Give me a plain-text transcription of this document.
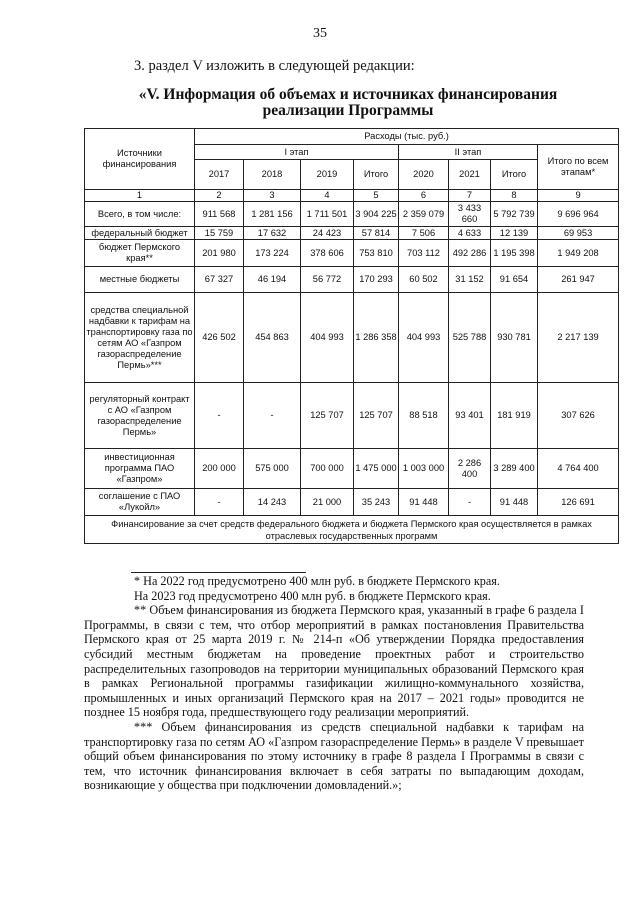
35
3. раздел V изложить в следующей редакции:
«V. Информация об объемах и источниках финансирования
реализации Программы
Источники финансирования	Расходы (тыс. руб.)							
	I этап				II этап			Итого по всем этапам*
	2017	2018	2019	Итого	2020	2021	Итого	
1	2	3	4	5	6	7	8	9
Всего, в том числе:	911 568	1 281 156	1 711 501	3 904 225	2 359 079	3 433 660	5 792 739	9 696 964
федеральный бюджет	15 759	17 632	24 423	57 814	7 506	4 633	12 139	69 953
бюджет Пермского края**	201 980	173 224	378 606	753 810	703 112	492 286	1 195 398	1 949 208
местные бюджеты	67 327	46 194	56 772	170 293	60 502	31 152	91 654	261 947
средства специальной надбавки к тарифам на транспортировку газа по сетям АО «Газпром газораспределение Пермь»***	426 502	454 863	404 993	1 286 358	404 993	525 788	930 781	2 217 139
регуляторный контракт с АО «Газпром газораспределение Пермь»	-	-	125 707	125 707	88 518	93 401	181 919	307 626
инвестиционная программа ПАО «Газпром»	200 000	575 000	700 000	1 475 000	1 003 000	2 286 400	3 289 400	4 764 400
соглашение с ПАО «Лукойл»	-	14 243	21 000	35 243	91 448	-	91 448	126 691
Финансирование за счет средств федерального бюджета и бюджета Пермского края осуществляется в рамках отраслевых государственных программ								

* На 2022 год предусмотрено 400 млн руб. в бюджете Пермского края.

На 2023 год предусмотрено 400 млн руб. в бюджете Пермского края.

** Объем финансирования из бюджета Пермского края, указанный в графе 6 раздела I Программы, в связи с тем, что отбор мероприятий в рамках постановления Правительства Пермского края от 25 марта 2019 г. № 214-п «Об утверждении Порядка предоставления субсидий местным бюджетам на проведение проектных работ и строительство распределительных газопроводов на территории муниципальных образований Пермского края в рамках Региональной программы газификации жилищно-коммунального хозяйства, промышленных и иных организаций Пермского края на 2017 – 2021 годы» проводится не позднее 15 ноября года, предшествующего году реализации мероприятий.

*** Объем финансирования из средств специальной надбавки к тарифам на транспортировку газа по сетям АО «Газпром газораспределение Пермь» в разделе V превышает общий объем финансирования по этому источнику в графе 8 раздела I Программы в связи с тем, что источник финансирования включает в себя затраты по выпадающим доходам, возникающие у общества при подключении домовладений.»;
